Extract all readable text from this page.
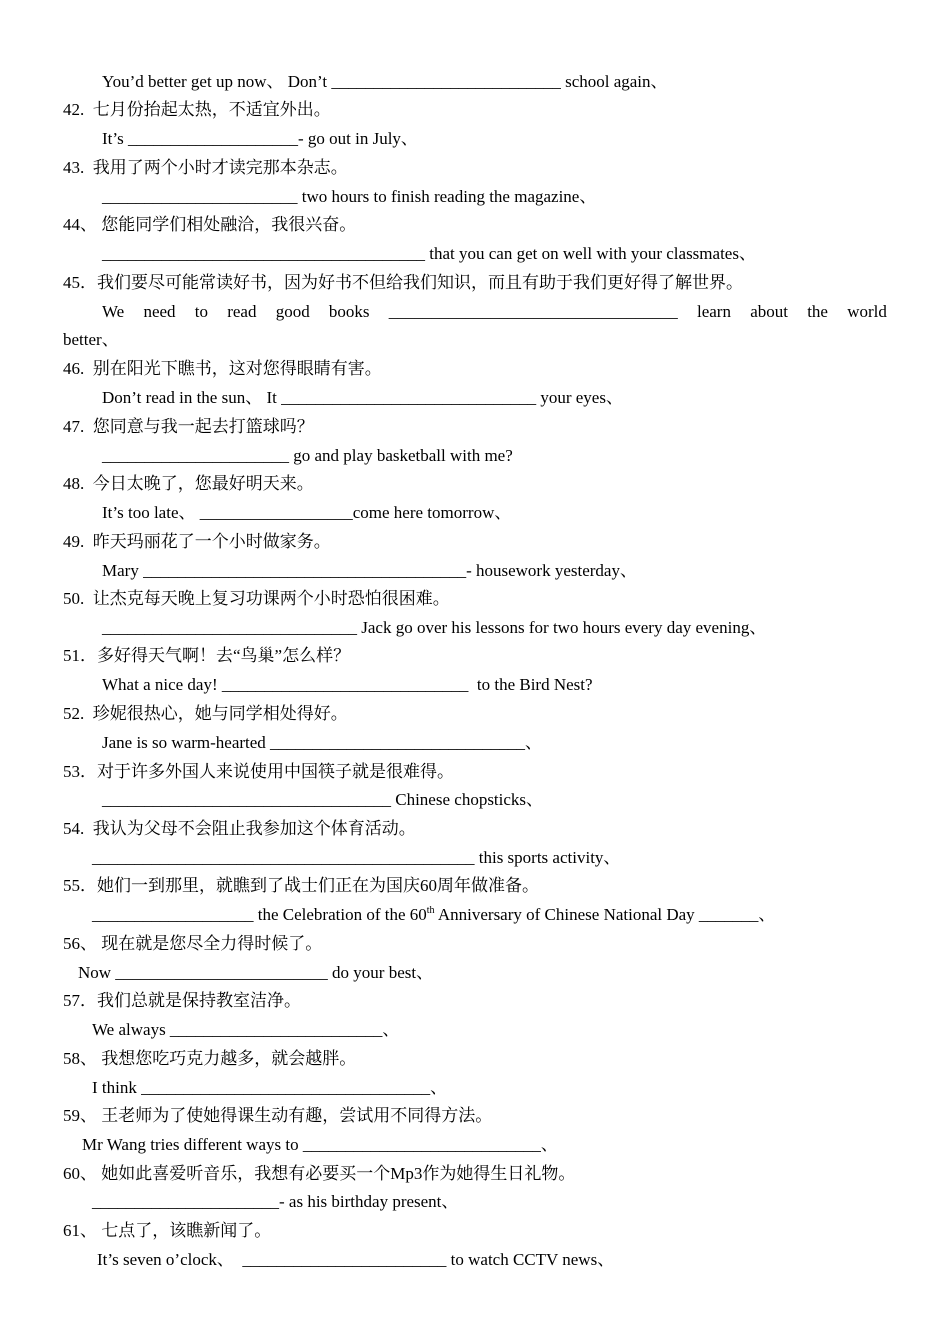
You’d better get up now、 Don’t ___________________________ school again、
42.  七月份抬起太热，不适宜外出。
It’s ____________________- go out in July、
43.  我用了两个小时才读完那本杂志。
_______________________ two hours to finish reading the magazine、
44、 您能同学们相处融洽，我很兴奋。
______________________________________ that you can get on well with your classmates、
45．我们要尽可能常读好书，因为好书不但给我们知识，而且有助于我们更好得了解世界。
We need to read good books __________________________________ learn about the world
better、
46.  别在阳光下瞧书，这对您得眼睛有害。
Don’t read in the sun、 It ______________________________ your eyes、
47.  您同意与我一起去打篮球吗？
______________________ go and play basketball with me?
48.  今日太晚了，您最好明天来。
It’s too late、 __________________come here tomorrow、
49.  昨天玛丽花了一个小时做家务。
Mary ______________________________________- housework yesterday、
50.  让杰克每天晚上复习功课两个小时恐怕很困难。
______________________________ Jack go over his lessons for two hours every day evening、
51．多好得天气啊！去“鸟巢”怎么样？
What a nice day! _____________________________  to the Bird Nest?
52.  珍妮很热心，她与同学相处得好。
Jane is so warm-hearted ______________________________、
53．对于许多外国人来说使用中国筷子就是很难得。
__________________________________ Chinese chopsticks、
54.  我认为父母不会阻止我参加这个体育活动。
_____________________________________________ this sports activity、
55．她们一到那里，就瞧到了战士们正在为国庆60周年做准备。
___________________ the Celebration of the 60th Anniversary of Chinese National Day _______、
56、 现在就是您尽全力得时候了。
Now _________________________ do your best、
57．我们总就是保持教室洁净。
We always _________________________、
58、 我想您吃巧克力越多，就会越胖。
I think __________________________________、
59、 王老师为了使她得课生动有趣，尝试用不同得方法。
Mr Wang tries different ways to ____________________________、
60、 她如此喜爱听音乐，我想有必要买一个Mp3作为她得生日礼物。
______________________- as his birthday present、
61、 七点了，该瞧新闻了。
It’s seven o’clock、  ________________________ to watch CCTV news、
